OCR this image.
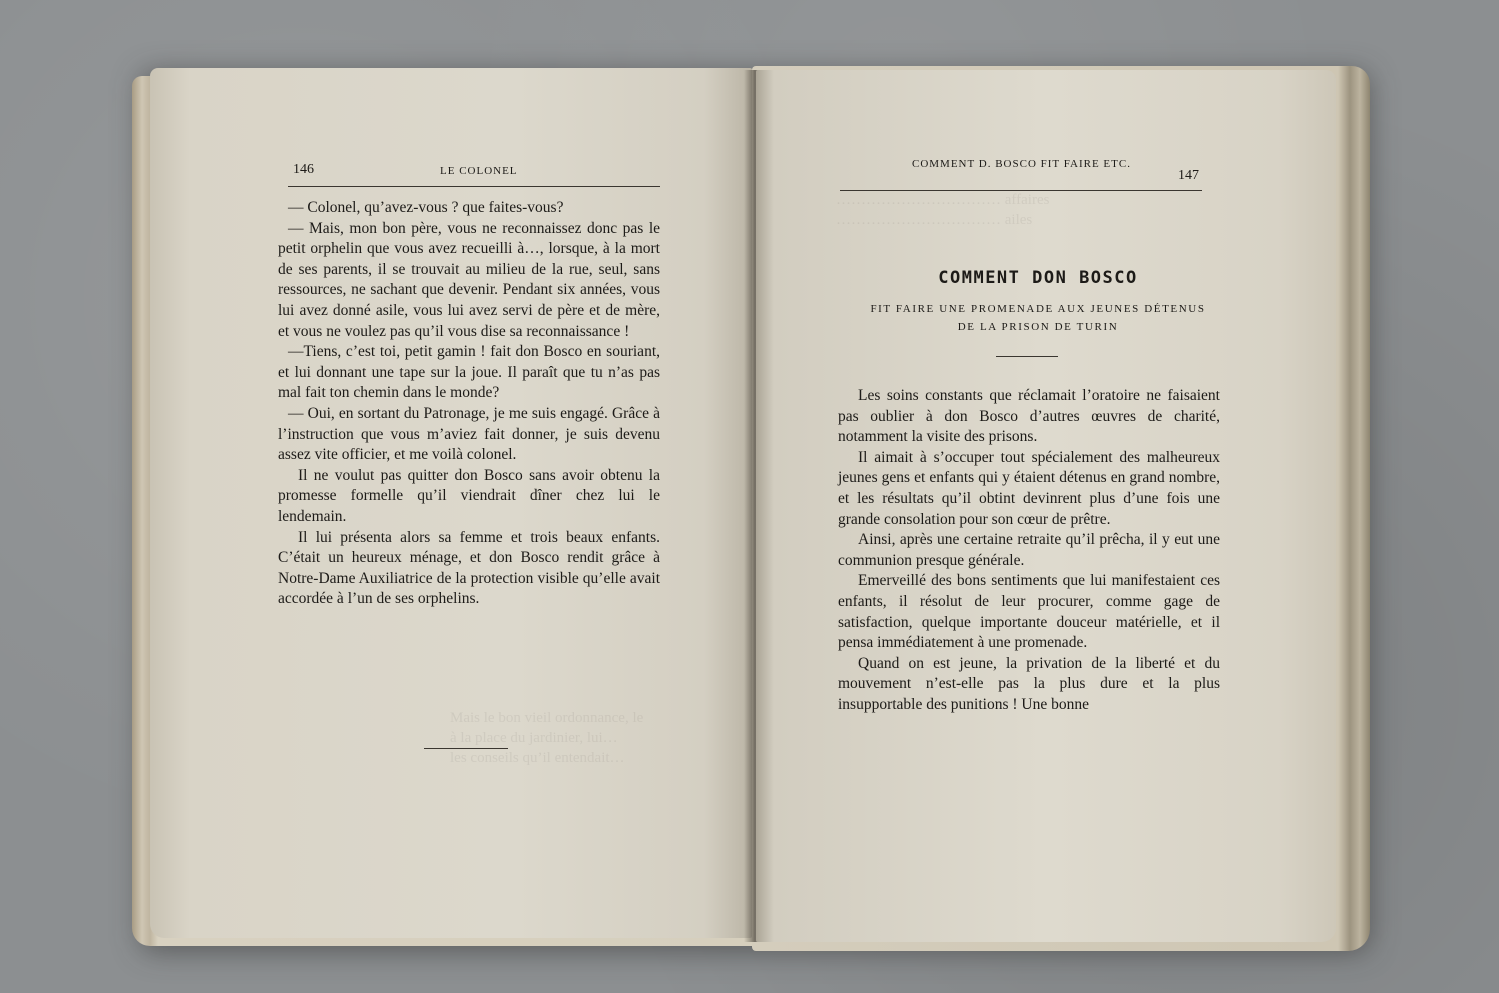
Mais le bon vieil ordonnance, le
à la place du jardinier, lui…
les conseils qu’il entendait…
146	LE COLONEL

— Colonel, qu’avez-vous ? que faites-vous?

— Mais, mon bon père, vous ne reconnaissez donc pas le petit orphelin que vous avez recueilli à…, lorsque, à la mort de ses parents, il se trouvait au milieu de la rue, seul, sans ressources, ne sachant que devenir. Pendant six années, vous lui avez donné asile, vous lui avez servi de père et de mère, et vous ne voulez pas qu’il vous dise sa reconnaissance !

—Tiens, c’est toi, petit gamin ! fait don Bosco en souriant, et lui donnant une tape sur la joue. Il paraît que tu n’as pas mal fait ton chemin dans le monde?

— Oui, en sortant du Patronage, je me suis engagé. Grâce à l’instruction que vous m’aviez fait donner, je suis devenu assez vite officier, et me voilà colonel.

Il ne voulut pas quitter don Bosco sans avoir obtenu la promesse formelle qu’il viendrait dîner chez lui le lendemain.

Il lui présenta alors sa femme et trois beaux enfants. C’était un heureux ménage, et don Bosco rendit grâce à Notre-Dame Auxiliatrice de la protection visible qu’elle avait accordée à l’un de ses orphelins.

…………………………… affaires
…………………………… ailes
COMMENT D. BOSCO FIT FAIRE ETC.
147
COMMENT DON BOSCO
FIT FAIRE UNE PROMENADE AUX JEUNES DÉTENUS
DE LA PRISON DE TURIN

Les soins constants que réclamait l’oratoire ne faisaient pas oublier à don Bosco d’autres œuvres de charité, notamment la visite des prisons.

Il aimait à s’occuper tout spécialement des malheureux jeunes gens et enfants qui y étaient détenus en grand nombre, et les résultats qu’il obtint devinrent plus d’une fois une grande consolation pour son cœur de prêtre.

Ainsi, après une certaine retraite qu’il prêcha, il y eut une communion presque générale.

Emerveillé des bons sentiments que lui manifestaient ces enfants, il résolut de leur procurer, comme gage de satisfaction, quelque importante douceur matérielle, et il pensa immédiatement à une promenade.

Quand on est jeune, la privation de la liberté et du mouvement n’est-elle pas la plus dure et la plus insupportable des punitions ! Une bonne
